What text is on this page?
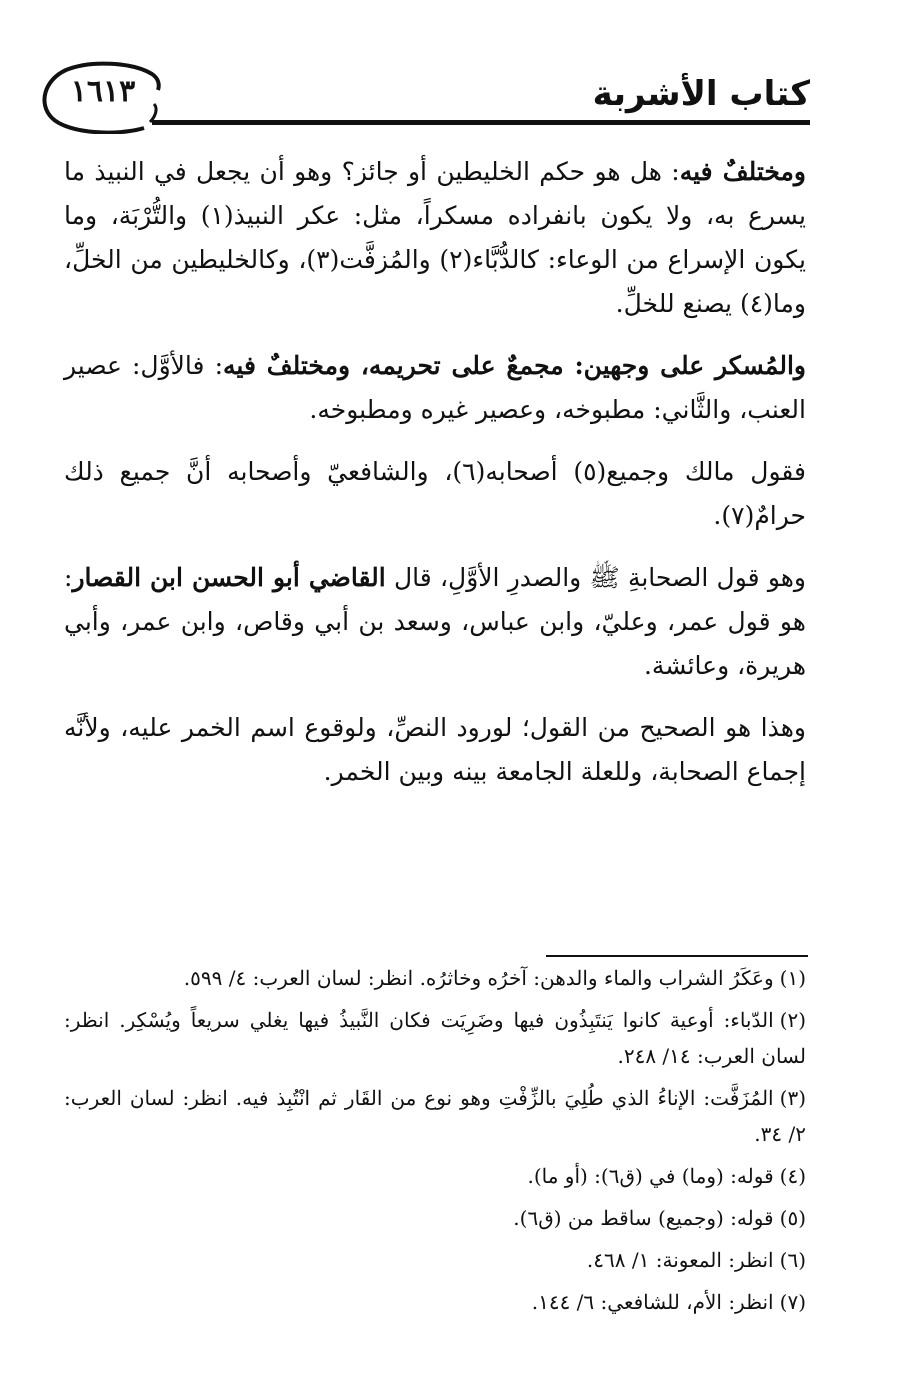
كتاب الأشربة
١٦١٣

ومختلفٌ فيه: هل هو حكم الخليطين أو جائز؟ وهو أن يجعل في النبيذ ما يسرع به، ولا يكون بانفراده مسكراً، مثل: عكر النبيذ(١) والتُّرْبَة، وما يكون الإسراع من الوعاء: كالدُّبَّاء(٢) والمُزفَّت(٣)، وكالخليطين من الخلِّ، وما(٤) يصنع للخلِّ.

والمُسكر على وجهين: مجمعٌ على تحريمه، ومختلفٌ فيه: فالأوَّل: عصير العنب، والثَّاني: مطبوخه، وعصير غيره ومطبوخه.

فقول مالك وجميع(٥) أصحابه(٦)، والشافعيّ وأصحابه أنَّ جميع ذلك حرامٌ(٧).

وهو قول الصحابةِ ﷺ والصدرِ الأوَّلِ، قال القاضي أبو الحسن ابن القصار: هو قول عمر، وعليّ، وابن عباس، وسعد بن أبي وقاص، وابن عمر، وأبي هريرة، وعائشة.

وهذا هو الصحيح من القول؛ لورود النصِّ، ولوقوع اسم الخمر عليه، ولأنَّه إجماع الصحابة، وللعلة الجامعة بينه وبين الخمر.

(١)وعَكَرُ الشراب والماء والدهن: آخرُه وخاثرُه. انظر: لسان العرب: ٤/ ٥٩٩.

(٢)الدّباء: أوعية كانوا يَنتَبِذُون فيها وضَرِيَت فكان النَّبيذُ فيها يغلي سريعاً ويُسْكِر. انظر: لسان العرب: ١٤/ ٢٤٨.

(٣)المُزَفَّت: الإناءُ الذي طُلِيَ بالزِّفْتِ وهو نوع من القَار ثم انْتُبِذ فيه. انظر: لسان العرب: ٢/ ٣٤.

(٤)قوله: (وما) في (ق٦): (أو ما).

(٥)قوله: (وجميع) ساقط من (ق٦).

(٦)انظر: المعونة: ١/ ٤٦٨.

(٧)انظر: الأم، للشافعي: ٦/ ١٤٤.
